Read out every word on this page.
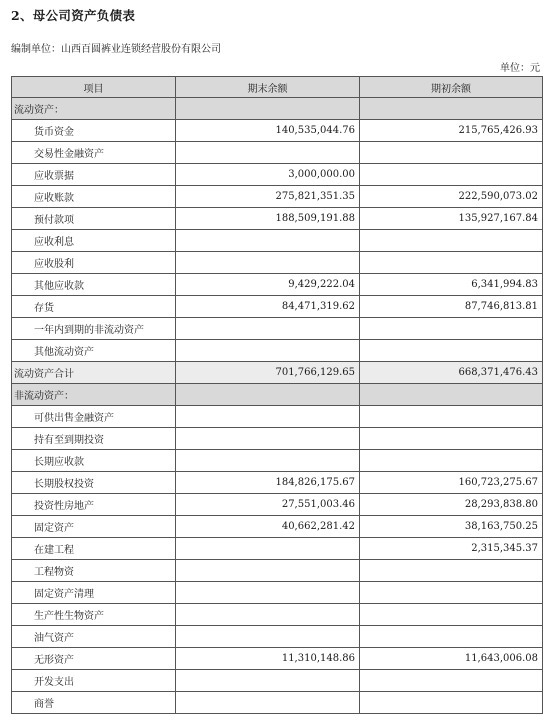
2、母公司资产负债表
编制单位：山西百圆裤业连锁经营股份有限公司
单位：元
项目	期末余额	期初余额
流动资产：		
货币资金	140,535,044.76	215,765,426.93
交易性金融资产		
应收票据	3,000,000.00	
应收账款	275,821,351.35	222,590,073.02
预付款项	188,509,191.88	135,927,167.84
应收利息		
应收股利		
其他应收款	9,429,222.04	6,341,994.83
存货	84,471,319.62	87,746,813.81
一年内到期的非流动资产		
其他流动资产		
流动资产合计	701,766,129.65	668,371,476.43
非流动资产：		
可供出售金融资产		
持有至到期投资		
长期应收款		
长期股权投资	184,826,175.67	160,723,275.67
投资性房地产	27,551,003.46	28,293,838.80
固定资产	40,662,281.42	38,163,750.25
在建工程		2,315,345.37
工程物资		
固定资产清理		
生产性生物资产		
油气资产		
无形资产	11,310,148.86	11,643,006.08
开发支出		
商誉		
